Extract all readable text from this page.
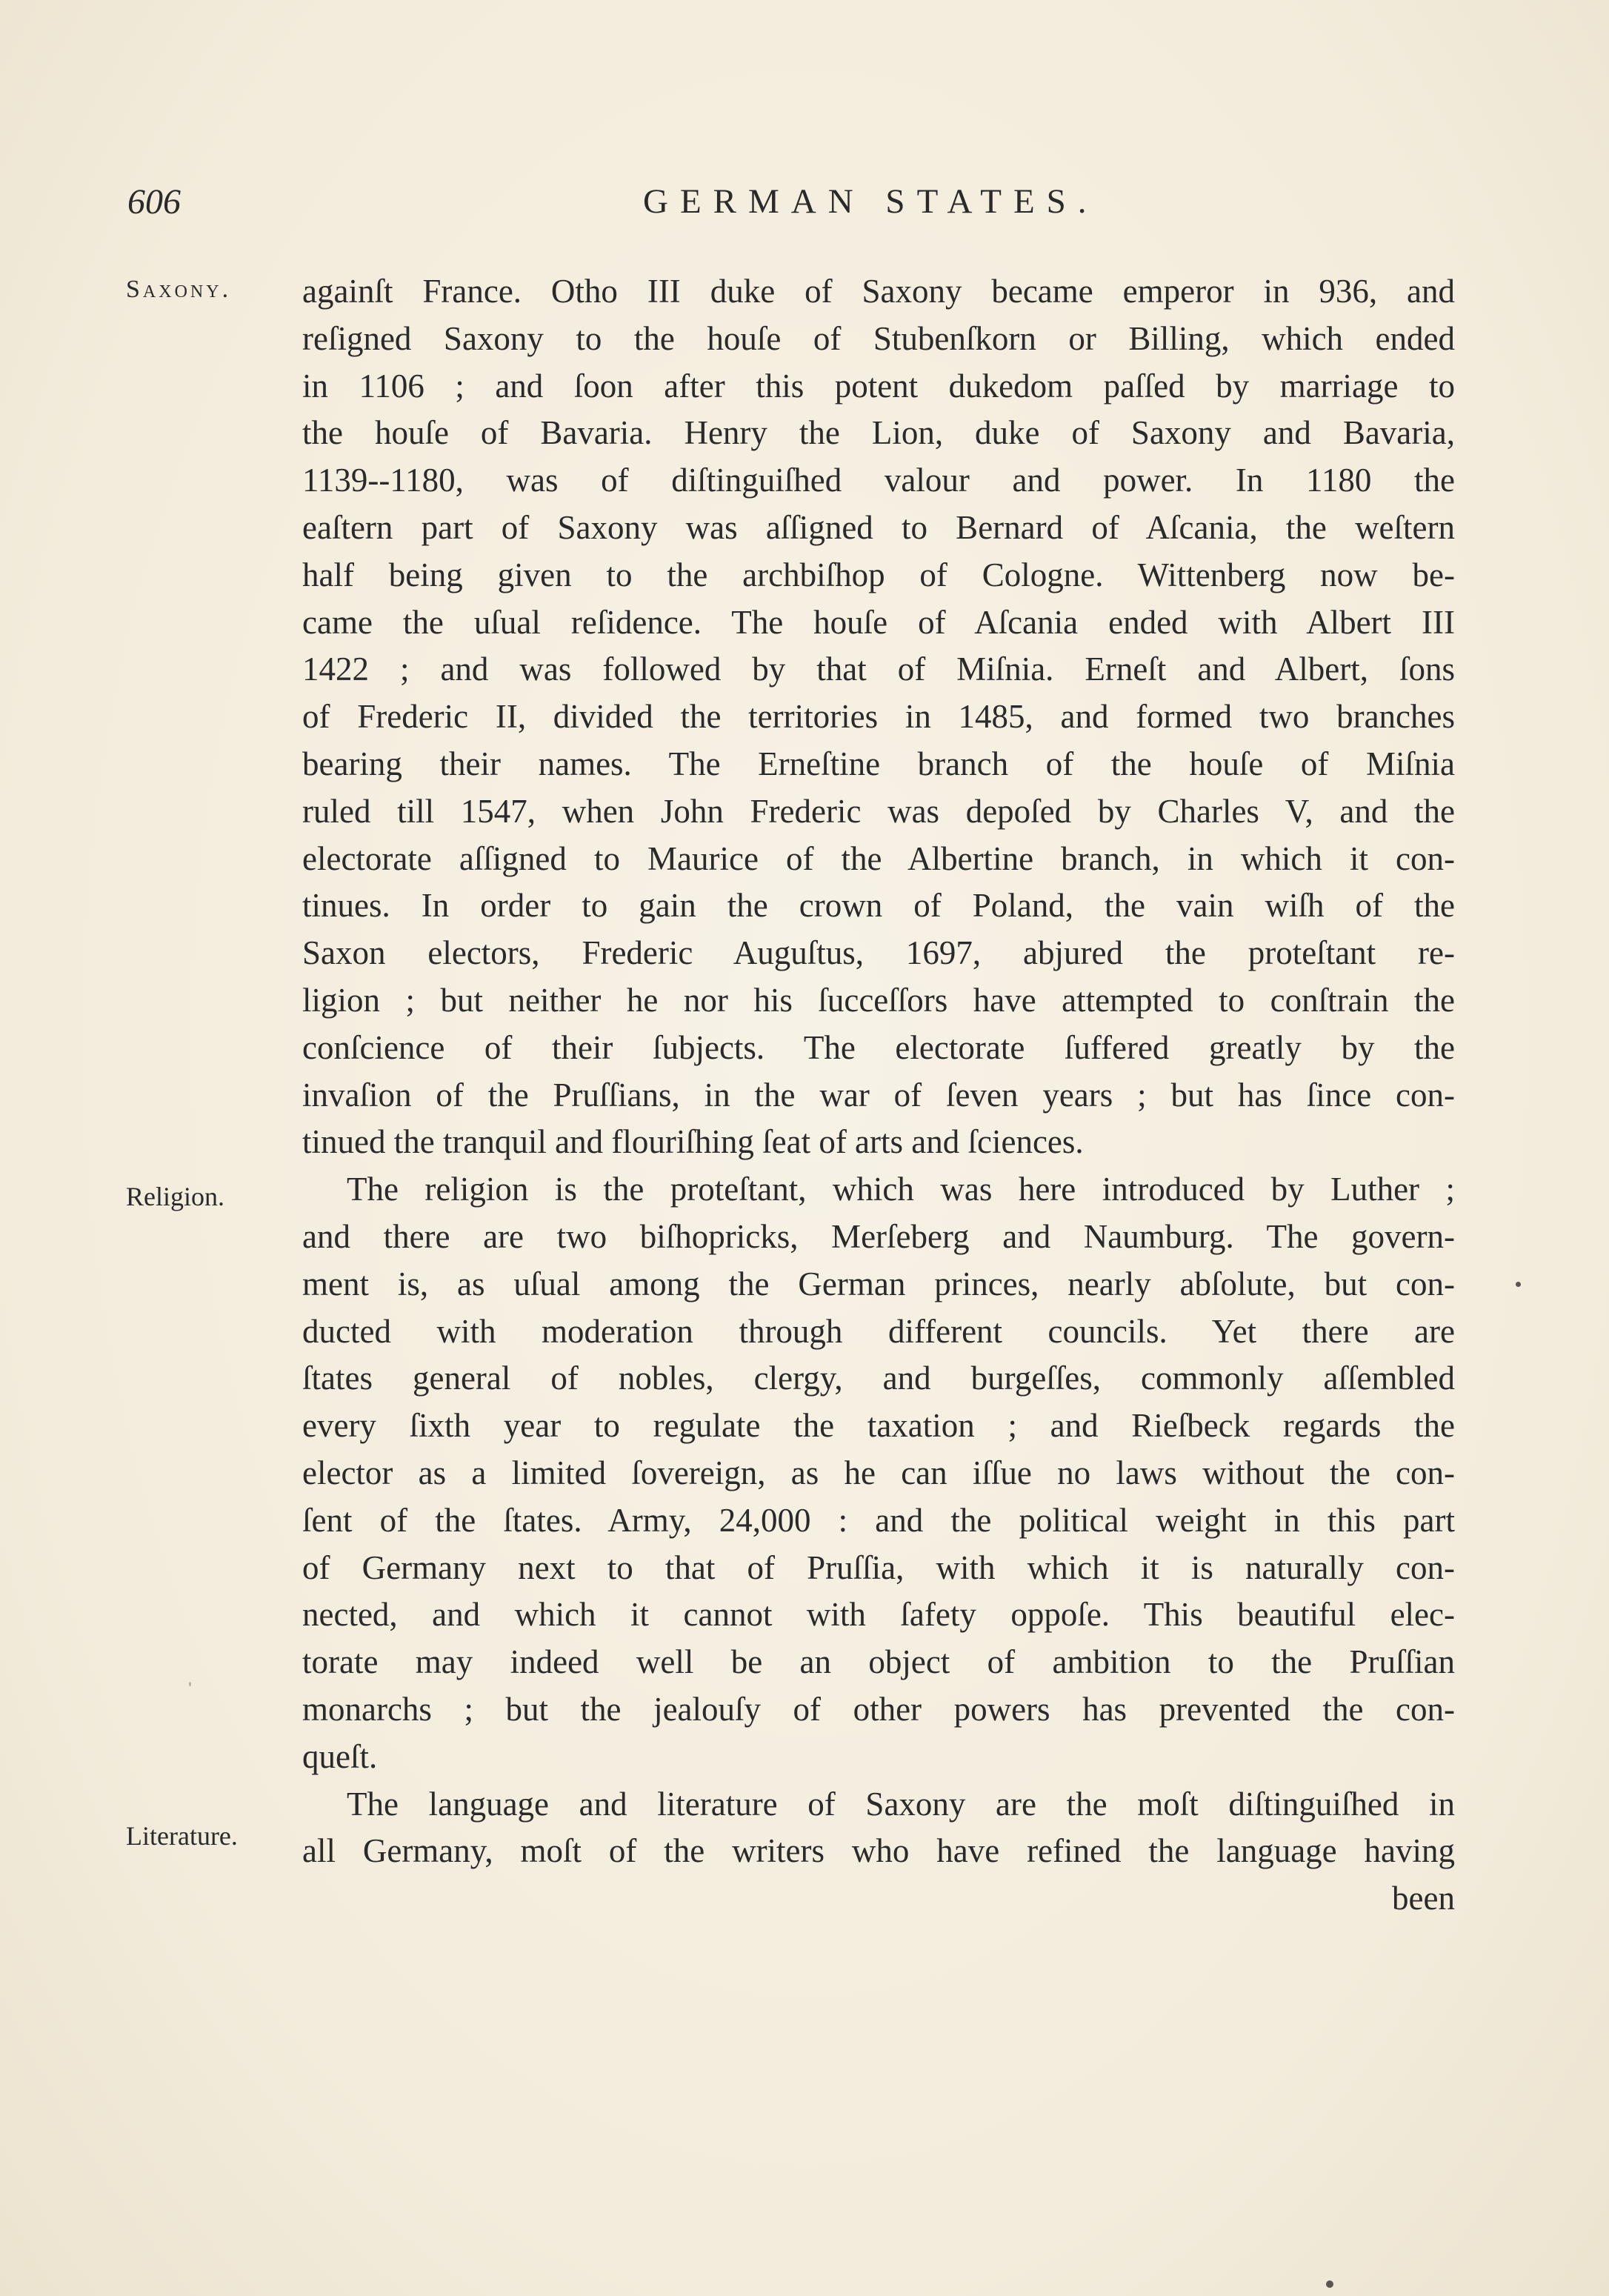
606	GERMAN STATES.
Saxony.
Religion.
Literature.
againſt France. Otho III duke of Saxony became emperor in 936, and
reſigned Saxony to the houſe of Stubenſkorn or Billing, which ended
in 1106 ; and ſoon after this potent dukedom paſſed by marriage to
the houſe of Bavaria. Henry the Lion, duke of Saxony and Bavaria,
1139--1180, was of diſtinguiſhed valour and power. In 1180 the
eaſtern part of Saxony was aſſigned to Bernard of Aſcania, the weſtern
half being given to the archbiſhop of Cologne. Wittenberg now be-
came the uſual reſidence. The houſe of Aſcania ended with Albert III
1422 ; and was followed by that of Miſnia. Erneſt and Albert, ſons
of Frederic II, divided the territories in 1485, and formed two branches
bearing their names. The Erneſtine branch of the houſe of Miſnia
ruled till 1547, when John Frederic was depoſed by Charles V, and the
electorate aſſigned to Maurice of the Albertine branch, in which it con-
tinues. In order to gain the crown of Poland, the vain wiſh of the
Saxon electors, Frederic Auguſtus, 1697, abjured the proteſtant re-
ligion ; but neither he nor his ſucceſſors have attempted to conſtrain the
conſcience of their ſubjects. The electorate ſuffered greatly by the
invaſion of the Pruſſians, in the war of ſeven years ; but has ſince con-
tinued the tranquil and flouriſhing ſeat of arts and ſciences.
The religion is the proteſtant, which was here introduced by Luther ;
and there are two biſhopricks, Merſeberg and Naumburg. The govern-
ment is, as uſual among the German princes, nearly abſolute, but con-
ducted with moderation through different councils. Yet there are
ſtates general of nobles, clergy, and burgeſſes, commonly aſſembled
every ſixth year to regulate the taxation ; and Rieſbeck regards the
elector as a limited ſovereign, as he can iſſue no laws without the con-
ſent of the ſtates. Army, 24,000 : and the political weight in this part
of Germany next to that of Pruſſia, with which it is naturally con-
nected, and which it cannot with ſafety oppoſe. This beautiful elec-
torate may indeed well be an object of ambition to the Pruſſian
monarchs ; but the jealouſy of other powers has prevented the con-
queſt.
The language and literature of Saxony are the moſt diſtinguiſhed in
all Germany, moſt of the writers who have refined the language having
been
